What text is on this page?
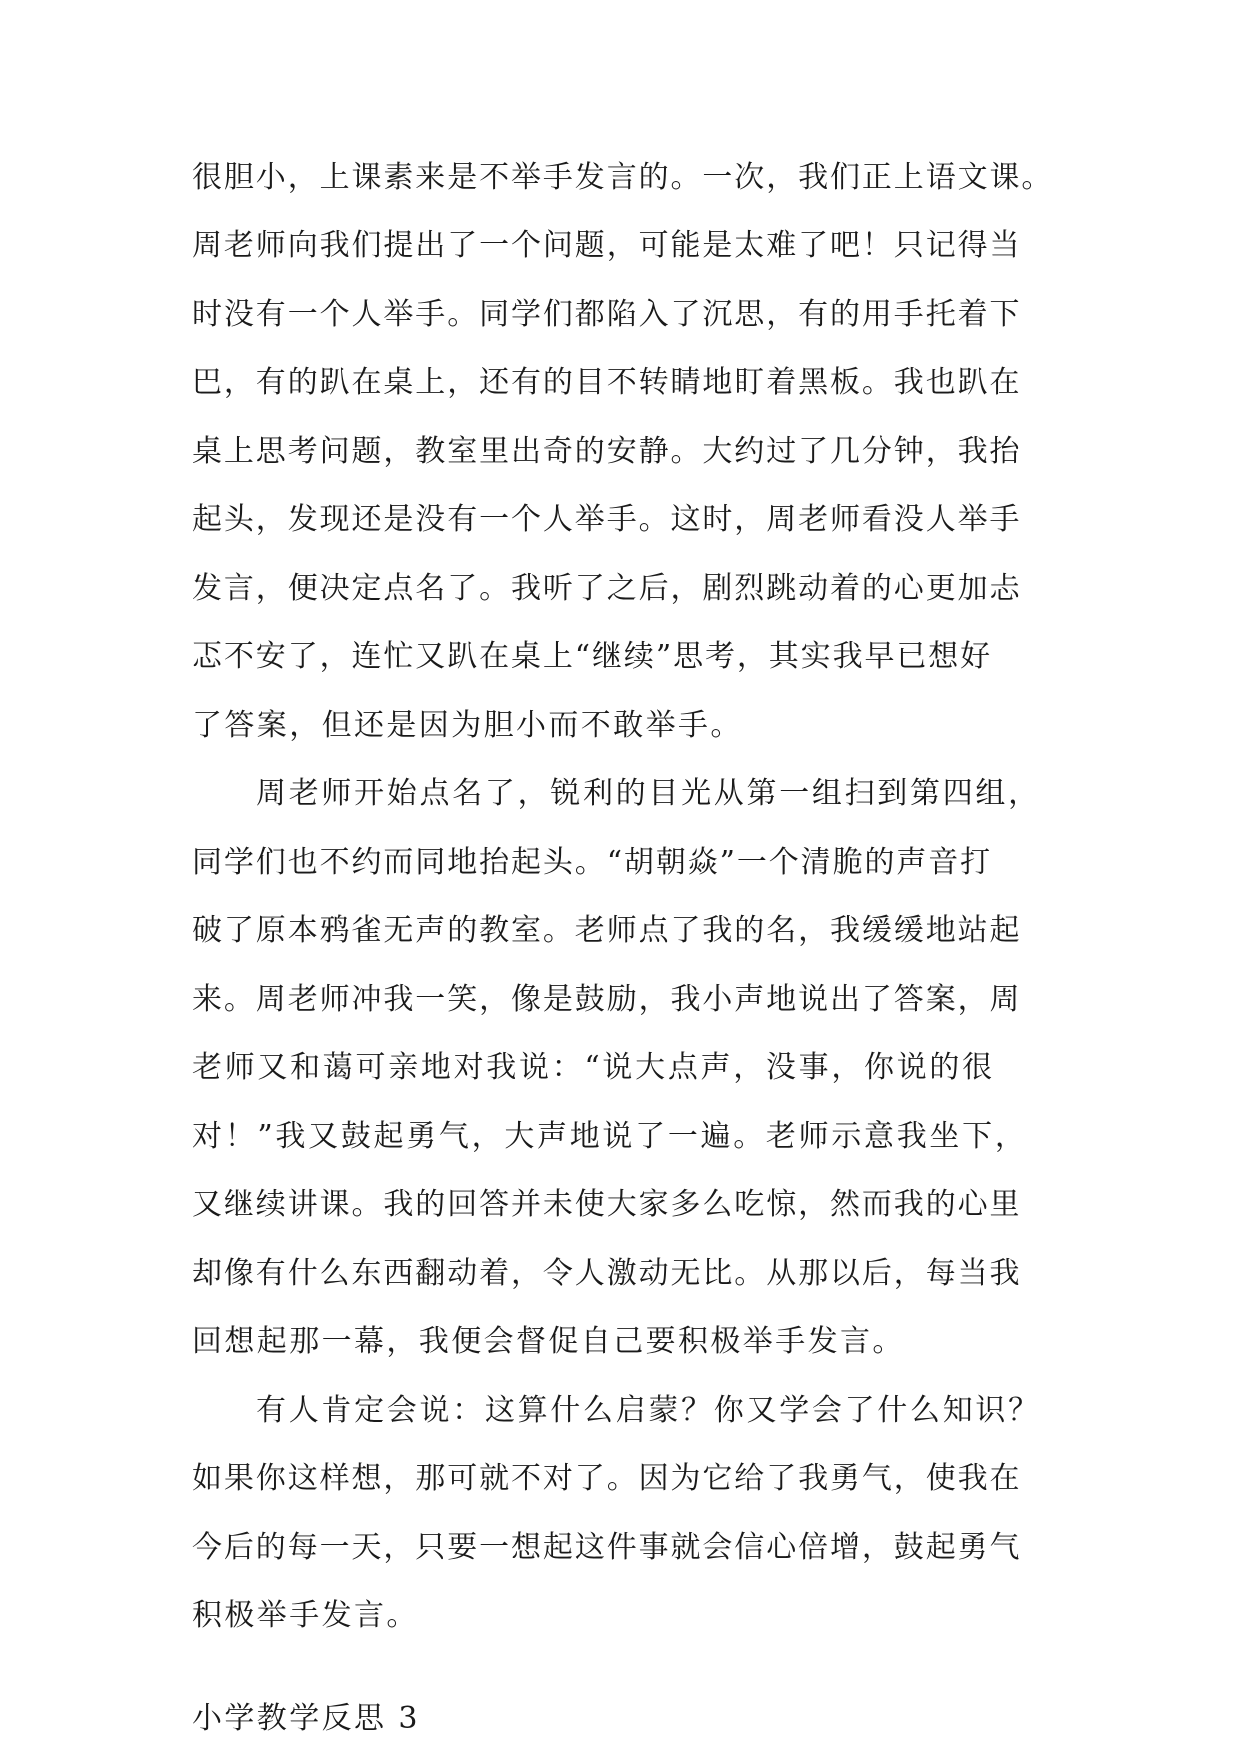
很胆小，上课素来是不举手发言的。一次，我们正上语文课。
周老师向我们提出了一个问题，可能是太难了吧！只记得当
时没有一个人举手。同学们都陷入了沉思，有的用手托着下
巴，有的趴在桌上，还有的目不转睛地盯着黑板。我也趴在
桌上思考问题，教室里出奇的安静。大约过了几分钟，我抬
起头，发现还是没有一个人举手。这时，周老师看没人举手
发言，便决定点名了。我听了之后，剧烈跳动着的心更加忐
忑不安了，连忙又趴在桌上“继续”思考，其实我早已想好
了答案，但还是因为胆小而不敢举手。
周老师开始点名了，锐利的目光从第一组扫到第四组，
同学们也不约而同地抬起头。“胡朝焱”一个清脆的声音打
破了原本鸦雀无声的教室。老师点了我的名，我缓缓地站起
来。周老师冲我一笑，像是鼓励，我小声地说出了答案，周
老师又和蔼可亲地对我说：“说大点声，没事，你说的很
对！”我又鼓起勇气，大声地说了一遍。老师示意我坐下，
又继续讲课。我的回答并未使大家多么吃惊，然而我的心里
却像有什么东西翻动着，令人激动无比。从那以后，每当我
回想起那一幕，我便会督促自己要积极举手发言。
有人肯定会说：这算什么启蒙？你又学会了什么知识？
如果你这样想，那可就不对了。因为它给了我勇气，使我在
今后的每一天，只要一想起这件事就会信心倍增，鼓起勇气
积极举手发言。
小学教学反思 3
